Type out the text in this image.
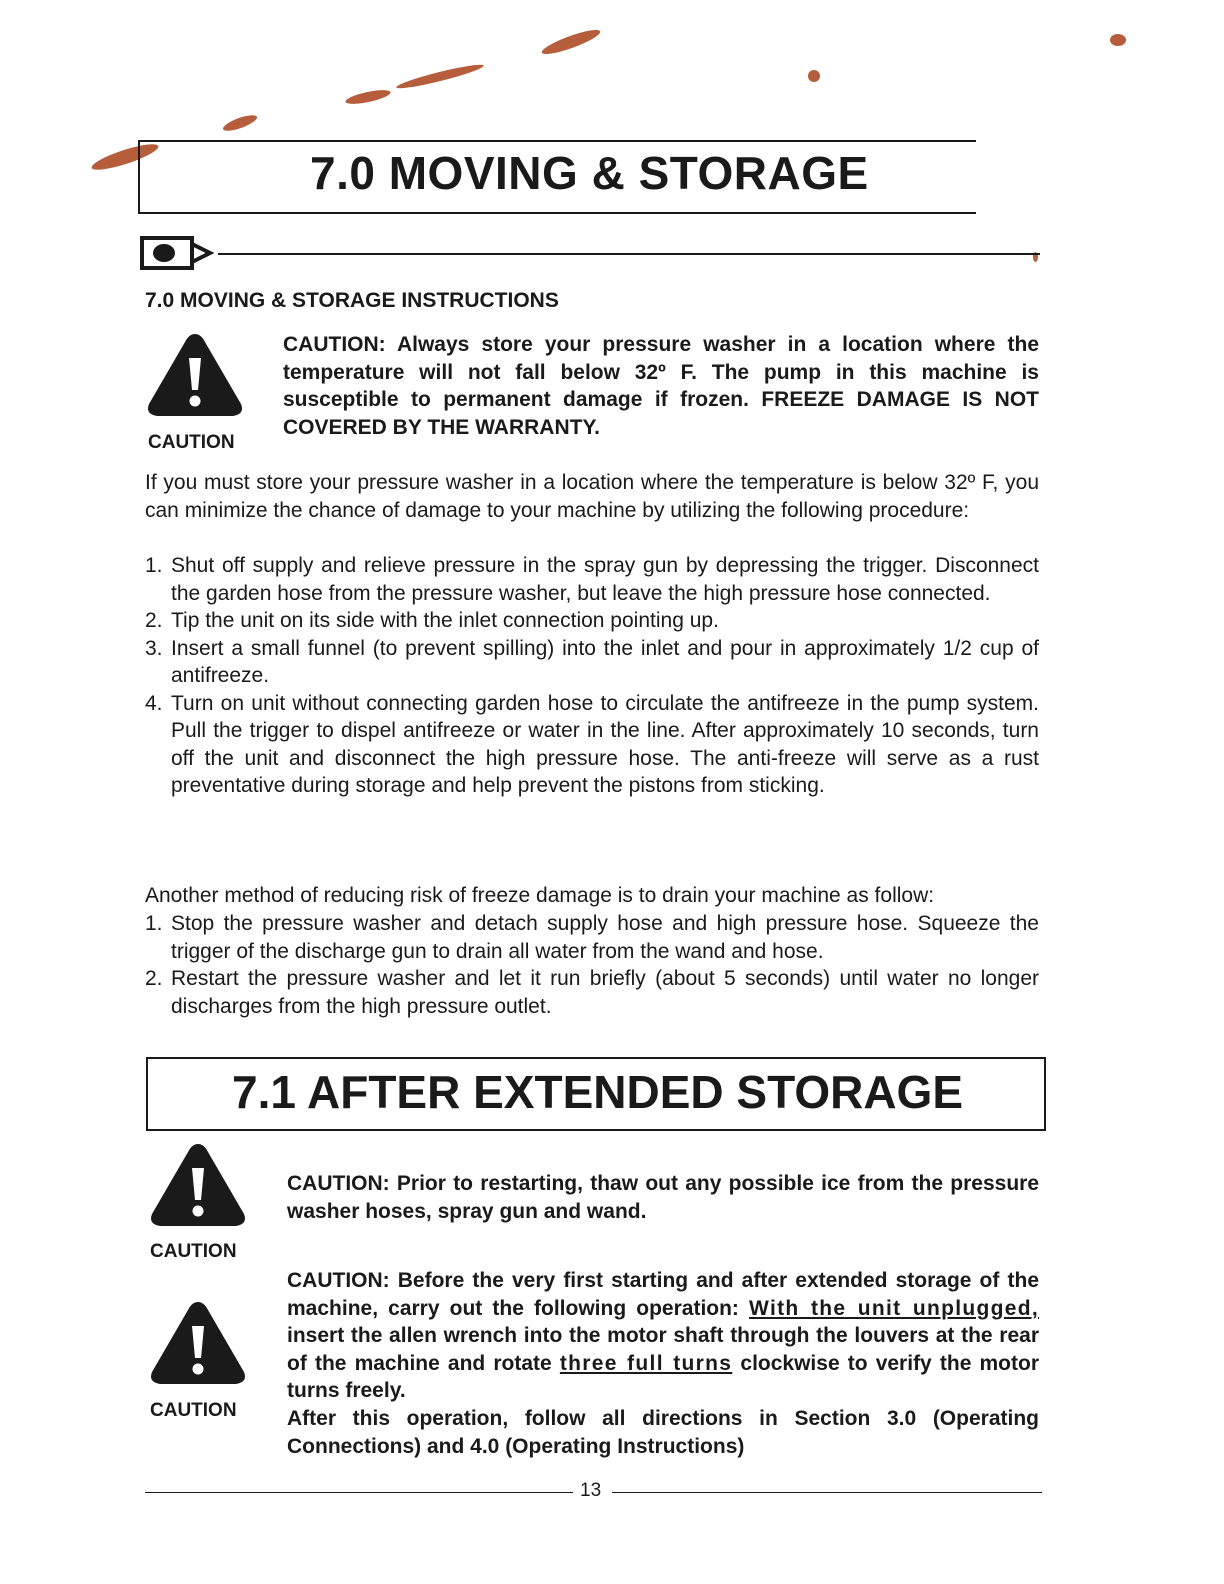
7.0 MOVING & STORAGE
7.0 MOVING & STORAGE INSTRUCTIONS
CAUTION
CAUTION: Always store your pressure washer in a location where the temperature will not fall below 32º F. The pump in this machine is susceptible to permanent damage if frozen. FREEZE DAMAGE IS NOT COVERED BY THE WARRANTY.
If you must store your pressure washer in a location where the temperature is below 32º F, you can minimize the chance of damage to your machine by utilizing the following procedure:
1. Shut off supply and relieve pressure in the spray gun by depressing the trigger. Disconnect the garden hose from the pressure washer, but leave the high pressure hose connected.
2. Tip the unit on its side with the inlet connection pointing up.
3. Insert a small funnel (to prevent spilling) into the inlet and pour in approximately 1/2 cup of antifreeze.
4. Turn on unit without connecting garden hose to circulate the antifreeze in the pump system. Pull the trigger to dispel antifreeze or water in the line. After approximately 10 seconds, turn off the unit and disconnect the high pressure hose. The anti-freeze will serve as a rust preventative during storage and help prevent the pistons from sticking.
Another method of reducing risk of freeze damage is to drain your machine as follow:
1. Stop the pressure washer and detach supply hose and high pressure hose. Squeeze the trigger of the discharge gun to drain all water from the wand and hose.
2. Restart the pressure washer and let it run briefly (about 5 seconds) until water no longer discharges from the high pressure outlet.
7.1 AFTER EXTENDED STORAGE
CAUTION
CAUTION: Prior to restarting, thaw out any possible ice from the pressure washer hoses, spray gun and wand.
CAUTION
CAUTION: Before the very first starting and after extended storage of the machine, carry out the following operation: With the unit unplugged, insert the allen wrench into the motor shaft through the louvers at the rear of the machine and rotate three full turns clockwise to verify the motor turns freely.
After this operation, follow all directions in Section 3.0 (Operating Connections) and 4.0 (Operating Instructions)
13
